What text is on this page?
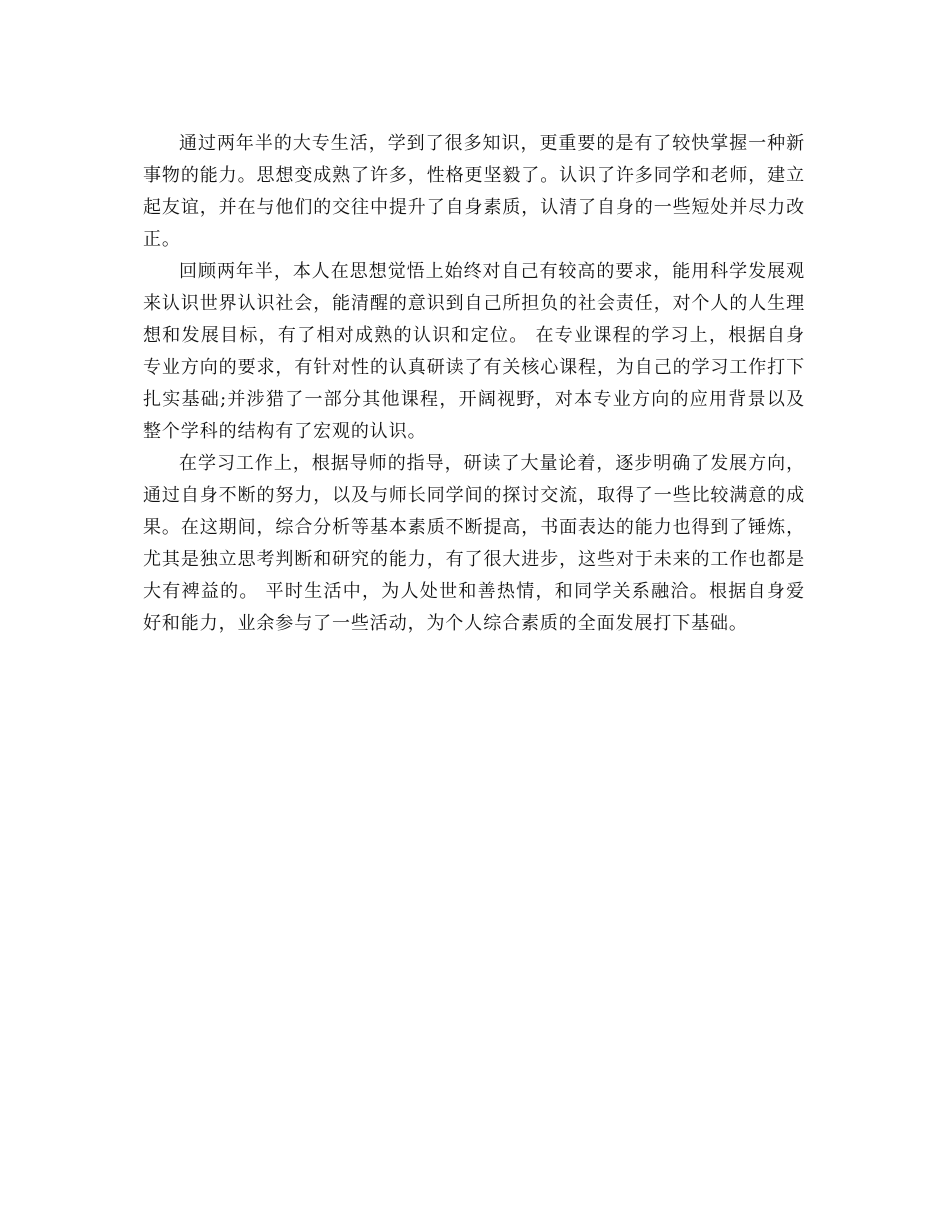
通过两年半的大专生活，学到了很多知识，更重要的是有了较快掌握一种新事物的能力。思想变成熟了许多，性格更坚毅了。认识了许多同学和老师，建立起友谊，并在与他们的交往中提升了自身素质，认清了自身的一些短处并尽力改正。

回顾两年半，本人在思想觉悟上始终对自己有较高的要求，能用科学发展观来认识世界认识社会，能清醒的意识到自己所担负的社会责任，对个人的人生理想和发展目标，有了相对成熟的认识和定位。 在专业课程的学习上，根据自身专业方向的要求，有针对性的认真研读了有关核心课程，为自己的学习工作打下扎实基础;并涉猎了一部分其他课程，开阔视野，对本专业方向的应用背景以及整个学科的结构有了宏观的认识。

在学习工作上，根据导师的指导，研读了大量论着，逐步明确了发展方向，通过自身不断的努力，以及与师长同学间的探讨交流，取得了一些比较满意的成果。在这期间，综合分析等基本素质不断提高，书面表达的能力也得到了锤炼，尤其是独立思考判断和研究的能力，有了很大进步，这些对于未来的工作也都是大有裨益的。 平时生活中，为人处世和善热情，和同学关系融洽。根据自身爱好和能力，业余参与了一些活动，为个人综合素质的全面发展打下基础。
